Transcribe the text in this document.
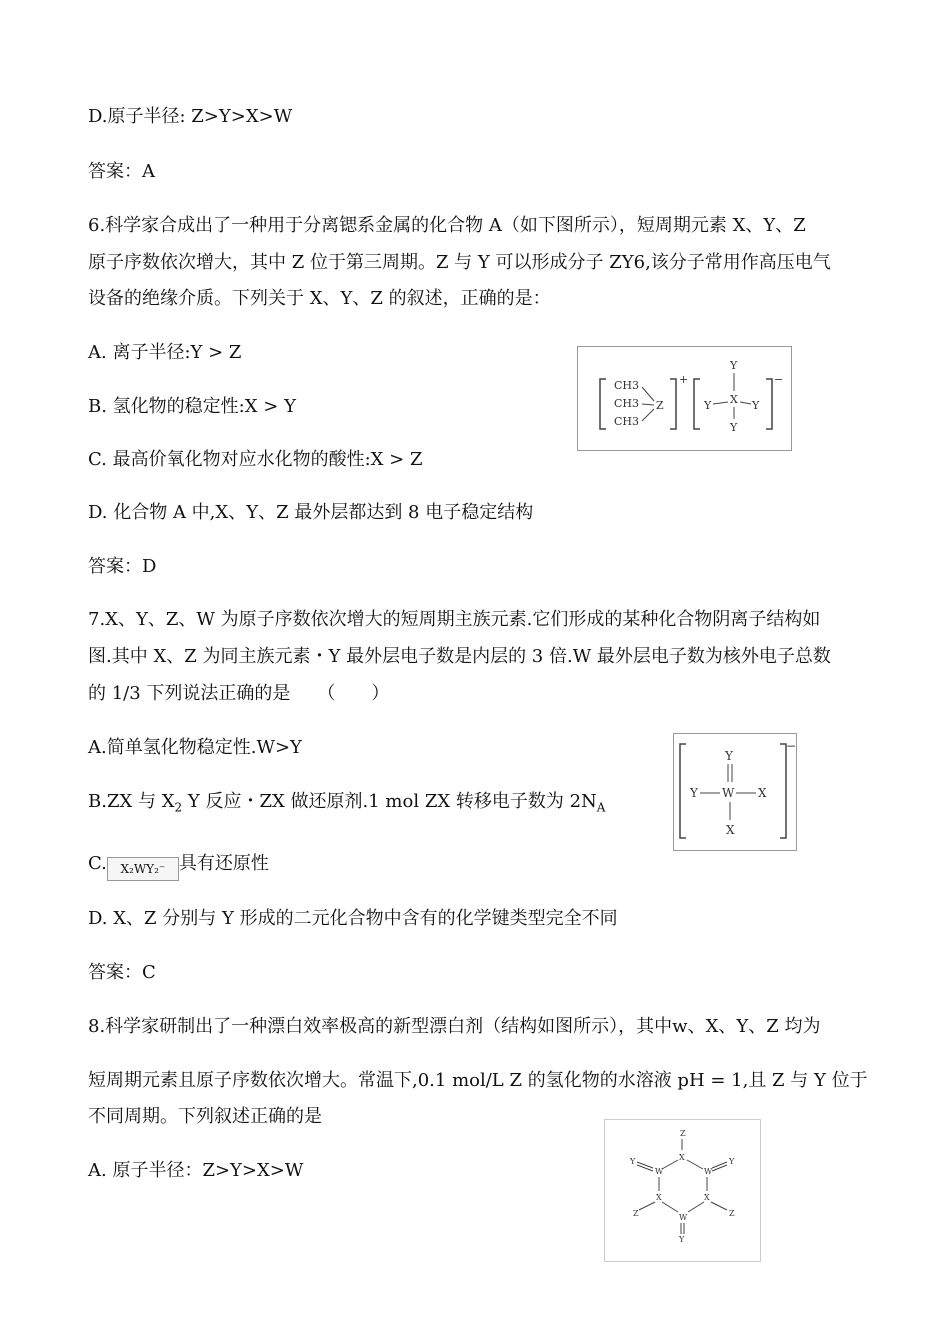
D.原子半径: Z>Y>X>W
答案：A
6.科学家合成出了一种用于分离锶系金属的化合物 A（如下图所示），短周期元素 X、Y、Z
原子序数依次增大，其中 Z 位于第三周期。Z 与 Y 可以形成分子 ZY6,该分子常用作高压电气
设备的绝缘介质。下列关于 X、Y、Z 的叙述，正确的是：
A. 离子半径:Y > Z
B. 氢化物的稳定性:X > Y
C. 最高价氧化物对应水化物的酸性:X > Z
D. 化合物 A 中,X、Y、Z 最外层都达到 8 电子稳定结构
答案：D
CH3
CH3
CH3
Z
+
Y
X
Y	Y
Y
−
7.X、Y、Z、W 为原子序数依次增大的短周期主族元素.它们形成的某种化合物阴离子结构如
图.其中 X、Z 为同主族元素・Y 最外层电子数是内层的 3 倍.W 最外层电子数为核外电子总数
的 1/3 下列说法正确的是　　（　　）
A.简单氢化物稳定性.W>Y
B.ZX 与 $X_2$ Y 反应・ZX 做还原剂.1 mol ZX 转移电子数为 $2N_A$
C. X₂WY₂⁻ 具有还原性
D. X、Z 分别与 Y 形成的二元化合物中含有的化学键类型完全不同
答案：C
Y
Y W X
X
−
8.科学家研制出了一种漂白效率极高的新型漂白剂（结构如图所示），其中w、X、Y、Z 均为
短周期元素且原子序数依次增大。常温下,0.1 mol/L Z 的氢化物的水溶液 pH = 1,且 Z 与 Y 位于
不同周期。下列叙述正确的是
A. 原子半径：Z>Y>X>W
Z
X
Y
W	W
Y
X	X
Z	Z
W
Y
